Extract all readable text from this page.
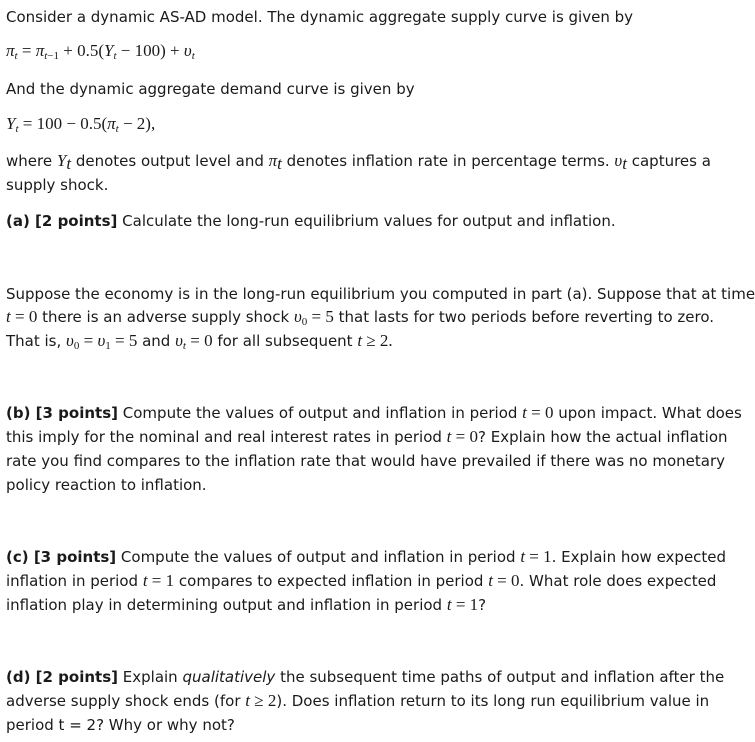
Consider a dynamic AS-AD model. The dynamic aggregate supply curve is given by
$\pi_t = \pi_{t-1} + 0.5(Y_t - 100) + \upsilon_t$
And the dynamic aggregate demand curve is given by
$Y_t = 100 - 0.5(\pi_t - 2)$,
where $Y_t$ denotes output level and $\pi_t$ denotes inflation rate in percentage terms. $\upsilon_t$ captures a
supply shock.
(a) [2 points] Calculate the long-run equilibrium values for output and inflation.
Suppose the economy is in the long-run equilibrium you computed in part (a). Suppose that at time
t = 0 there is an adverse supply shock $\upsilon_0 = 5$ that lasts for two periods before reverting to zero.
That is, $\upsilon_0 = \upsilon_1 = 5$ and $\upsilon_t = 0$ for all subsequent t ≥ 2.
(b) [3 points] Compute the values of output and inflation in period t = 0 upon impact. What does
this imply for the nominal and real interest rates in period t = 0? Explain how the actual inflation
rate you find compares to the inflation rate that would have prevailed if there was no monetary
policy reaction to inflation.
(c) [3 points] Compute the values of output and inflation in period t = 1. Explain how expected
inflation in period t = 1 compares to expected inflation in period t = 0. What role does expected
inflation play in determining output and inflation in period t = 1?
(d) [2 points] Explain qualitatively the subsequent time paths of output and inflation after the
adverse supply shock ends (for t ≥ 2). Does inflation return to its long run equilibrium value in
period t = 2? Why or why not?
